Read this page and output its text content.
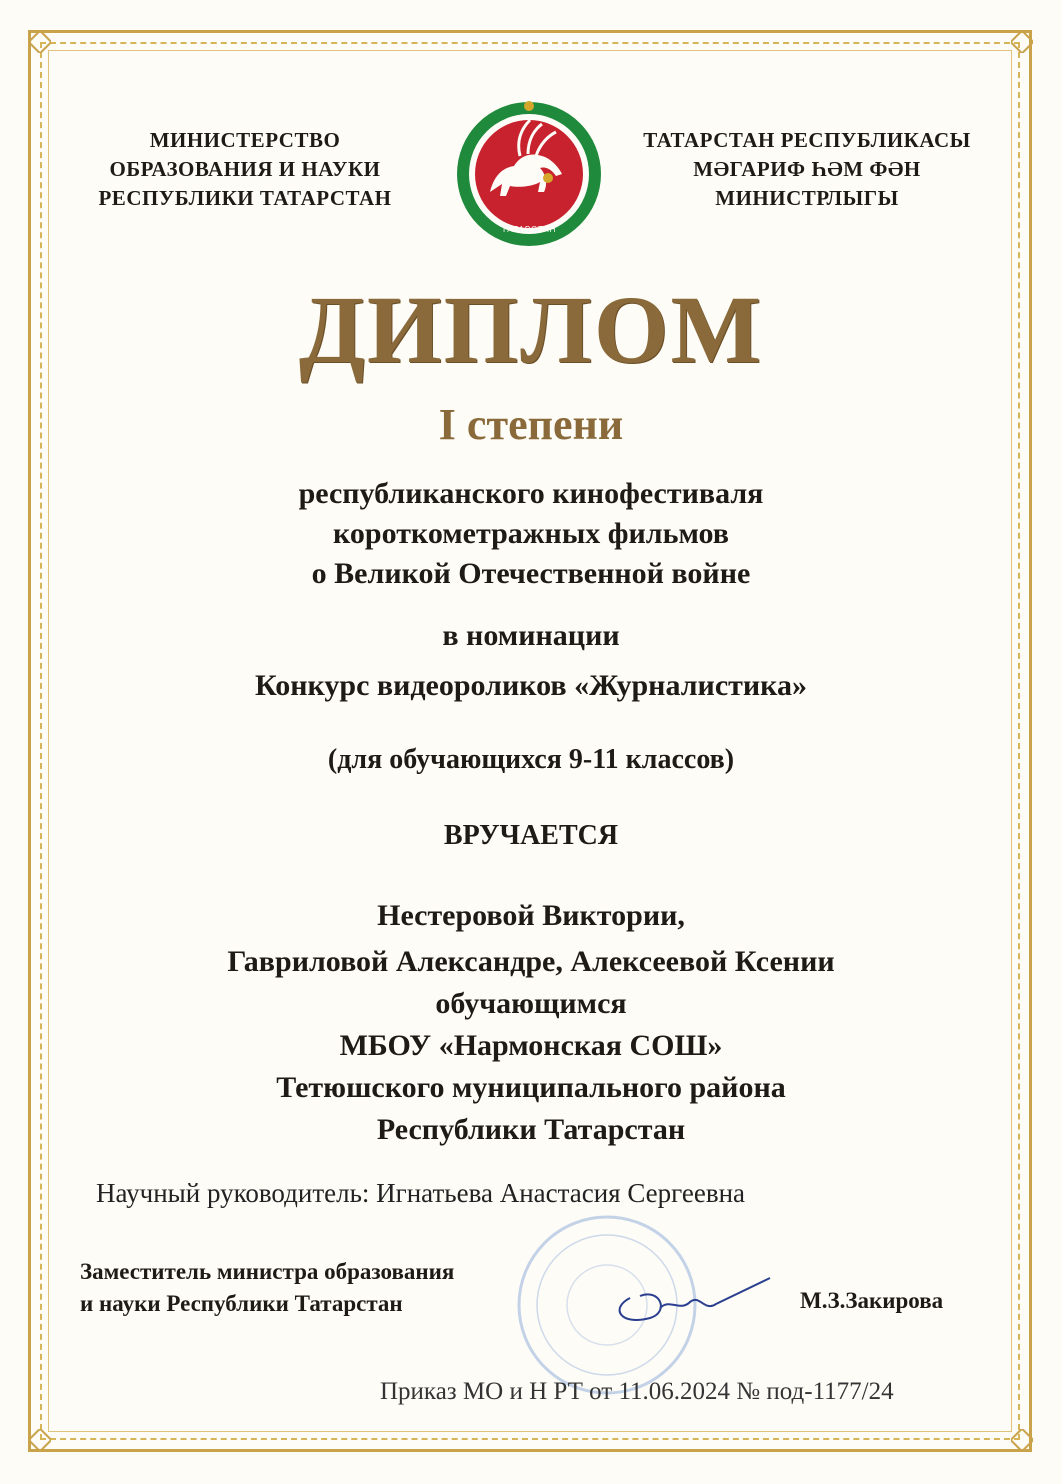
МИНИСТЕРСТВО
ОБРАЗОВАНИЯ И НАУКИ
РЕСПУБЛИКИ ТАТАРСТАН
ТАТАРСТАН
ТАТАРСТАН РЕСПУБЛИКАСЫ
МӘГАРИФ ҺӘМ ФӘН
МИНИСТРЛЫГЫ
ДИПЛОМ
I степени
республиканского кинофестиваля
короткометражных фильмов
о Великой Отечественной войне
в номинации
Конкурс видеороликов «Журналистика»
(для обучающихся 9-11 классов)
ВРУЧАЕТСЯ
Нестеровой Виктории,
Гавриловой Александре, Алексеевой Ксении
обучающимся
МБОУ «Нармонская СОШ»
Тетюшского муниципального района
Республики Татарстан
Научный руководитель: Игнатьева Анастасия Сергеевна
Заместитель министра образования
и науки Республики Татарстан	М.З.Закирова
Приказ МО и Н РТ от 11.06.2024 № под-1177/24
